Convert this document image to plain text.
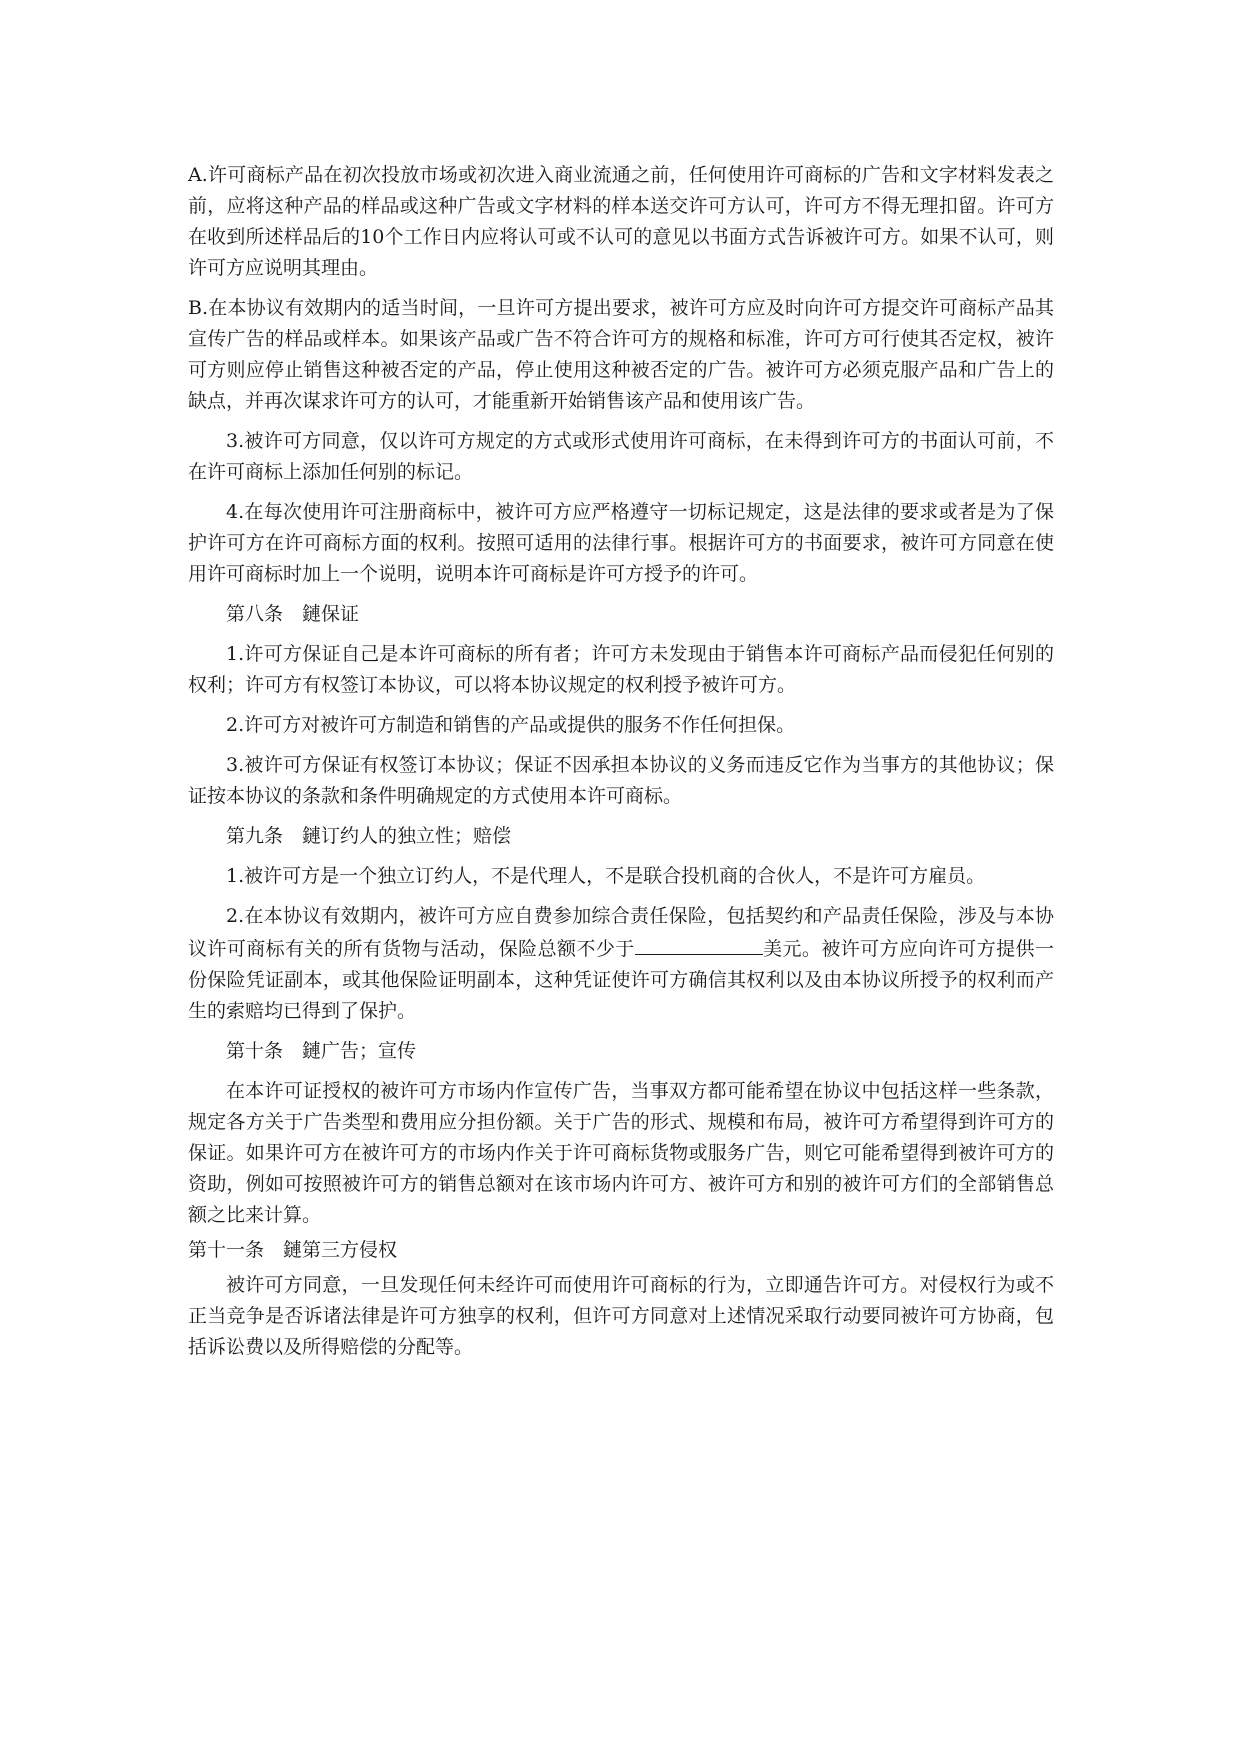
A.许可商标产品在初次投放市场或初次进入商业流通之前，任何使用许可商标的广告和文字材料发表之前，应将这种产品的样品或这种广告或文字材料的样本送交许可方认可，许可方不得无理扣留。许可方在收到所述样品后的10个工作日内应将认可或不认可的意见以书面方式告诉被许可方。如果不认可，则许可方应说明其理由。

B.在本协议有效期内的适当时间，一旦许可方提出要求，被许可方应及时向许可方提交许可商标产品其宣传广告的样品或样本。如果该产品或广告不符合许可方的规格和标准，许可方可行使其否定权，被许可方则应停止销售这种被否定的产品，停止使用这种被否定的广告。被许可方必须克服产品和广告上的缺点，并再次谋求许可方的认可，才能重新开始销售该产品和使用该广告。

3.被许可方同意，仅以许可方规定的方式或形式使用许可商标，在未得到许可方的书面认可前，不在许可商标上添加任何别的标记。

4.在每次使用许可注册商标中，被许可方应严格遵守一切标记规定，这是法律的要求或者是为了保护许可方在许可商标方面的权利。按照可适用的法律行事。根据许可方的书面要求，被许可方同意在使用许可商标时加上一个说明，说明本许可商标是许可方授予的许可。

第八条　鏈保证

1.许可方保证自己是本许可商标的所有者；许可方未发现由于销售本许可商标产品而侵犯任何别的权利；许可方有权签订本协议，可以将本协议规定的权利授予被许可方。

2.许可方对被许可方制造和销售的产品或提供的服务不作任何担保。

3.被许可方保证有权签订本协议；保证不因承担本协议的义务而违反它作为当事方的其他协议；保证按本协议的条款和条件明确规定的方式使用本许可商标。

第九条　鏈订约人的独立性；赔偿

1.被许可方是一个独立订约人，不是代理人，不是联合投机商的合伙人，不是许可方雇员。

2.在本协议有效期内，被许可方应自费参加综合责任保险，包括契约和产品责任保险，涉及与本协议许可商标有关的所有货物与活动，保险总额不少于	美元。被许可方应向许可方提供一份保险凭证副本，或其他保险证明副本，这种凭证使许可方确信其权利以及由本协议所授予的权利而产生的索赔均已得到了保护。

第十条　鏈广告；宣传

在本许可证授权的被许可方市场内作宣传广告，当事双方都可能希望在协议中包括这样一些条款，规定各方关于广告类型和费用应分担份额。关于广告的形式、规模和布局，被许可方希望得到许可方的保证。如果许可方在被许可方的市场内作关于许可商标货物或服务广告，则它可能希望得到被许可方的资助，例如可按照被许可方的销售总额对在该市场内许可方、被许可方和别的被许可方们的全部销售总额之比来计算。

第十一条　鏈第三方侵权

被许可方同意，一旦发现任何未经许可而使用许可商标的行为，立即通告许可方。对侵权行为或不正当竞争是否诉诸法律是许可方独享的权利，但许可方同意对上述情况采取行动要同被许可方协商，包括诉讼费以及所得赔偿的分配等。
